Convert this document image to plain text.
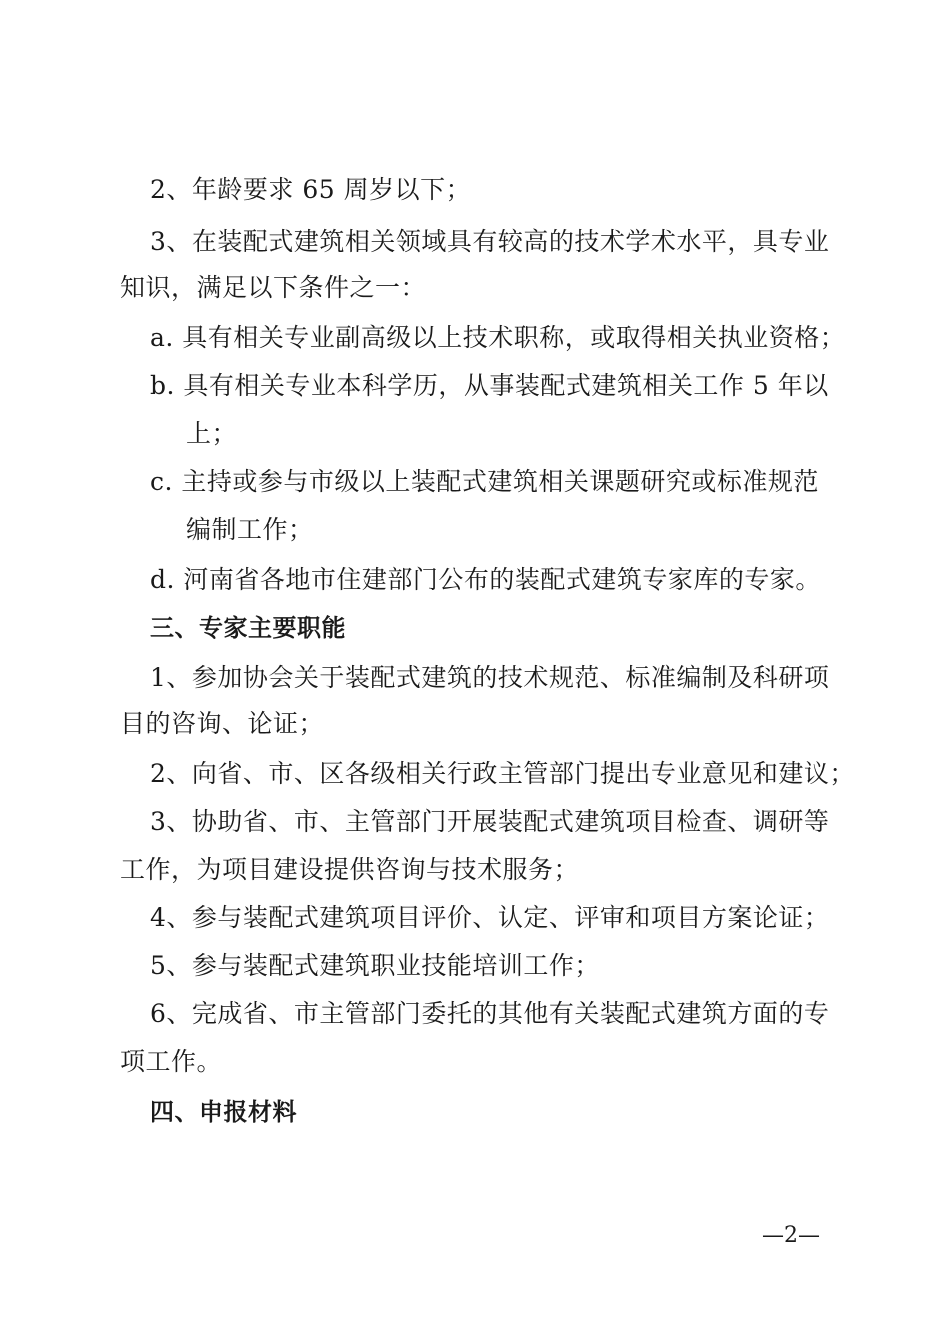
2、年龄要求 65 周岁以下；
3、在装配式建筑相关领域具有较高的技术学术水平，具专业
知识，满足以下条件之一：
a. 具有相关专业副高级以上技术职称，或取得相关执业资格；
b. 具有相关专业本科学历，从事装配式建筑相关工作 5 年以
上；
c. 主持或参与市级以上装配式建筑相关课题研究或标准规范
编制工作；
d. 河南省各地市住建部门公布的装配式建筑专家库的专家。
三、专家主要职能
1、参加协会关于装配式建筑的技术规范、标准编制及科研项
目的咨询、论证；
2、向省、市、区各级相关行政主管部门提出专业意见和建议；
3、协助省、市、主管部门开展装配式建筑项目检查、调研等
工作，为项目建设提供咨询与技术服务；
4、参与装配式建筑项目评价、认定、评审和项目方案论证；
5、参与装配式建筑职业技能培训工作；
6、完成省、市主管部门委托的其他有关装配式建筑方面的专
项工作。
四、申报材料
—2—
